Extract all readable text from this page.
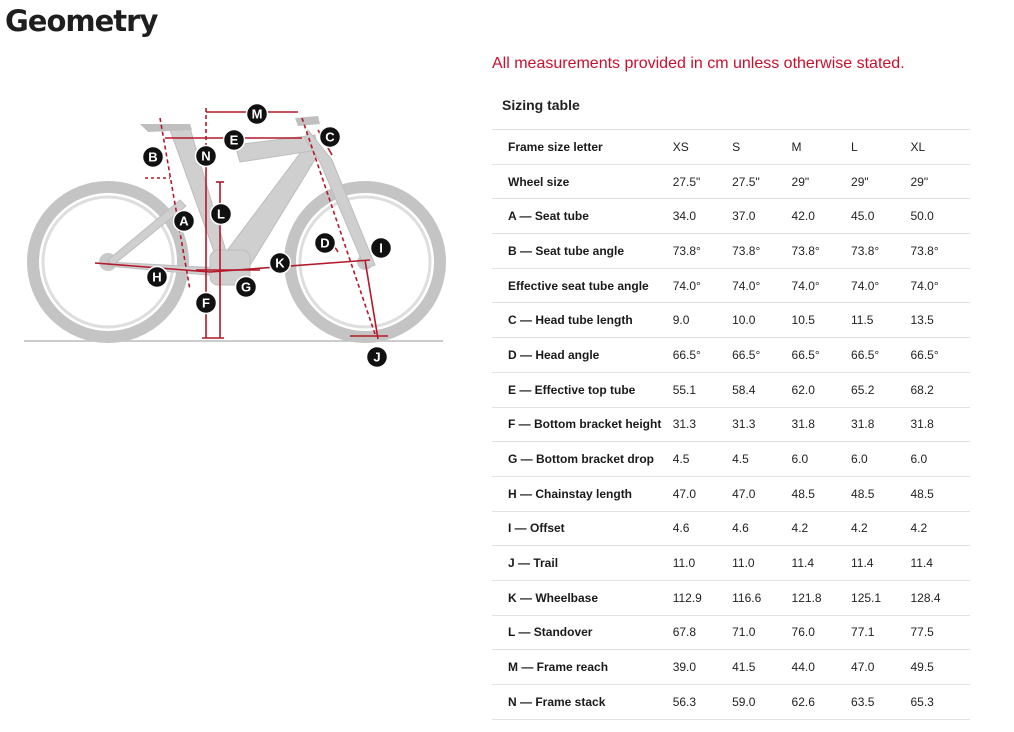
Geometry
All measurements provided in cm unless otherwise stated.
Sizing table
M
E	C
B	N
L
A
D	I
K
H
G
F
J
Frame size letter	XS	S	M	L	XL
Wheel size	27.5"	27.5"	29"	29"	29"
A — Seat tube	34.0	37.0	42.0	45.0	50.0
B — Seat tube angle	73.8°	73.8°	73.8°	73.8°	73.8°
Effective seat tube angle	74.0°	74.0°	74.0°	74.0°	74.0°
C — Head tube length	9.0	10.0	10.5	11.5	13.5
D — Head angle	66.5°	66.5°	66.5°	66.5°	66.5°
E — Effective top tube	55.1	58.4	62.0	65.2	68.2
F — Bottom bracket height	31.3	31.3	31.8	31.8	31.8
G — Bottom bracket drop	4.5	4.5	6.0	6.0	6.0
H — Chainstay length	47.0	47.0	48.5	48.5	48.5
I — Offset	4.6	4.6	4.2	4.2	4.2
J — Trail	11.0	11.0	11.4	11.4	11.4
K — Wheelbase	112.9	116.6	121.8	125.1	128.4
L — Standover	67.8	71.0	76.0	77.1	77.5
M — Frame reach	39.0	41.5	44.0	47.0	49.5
N — Frame stack	56.3	59.0	62.6	63.5	65.3
